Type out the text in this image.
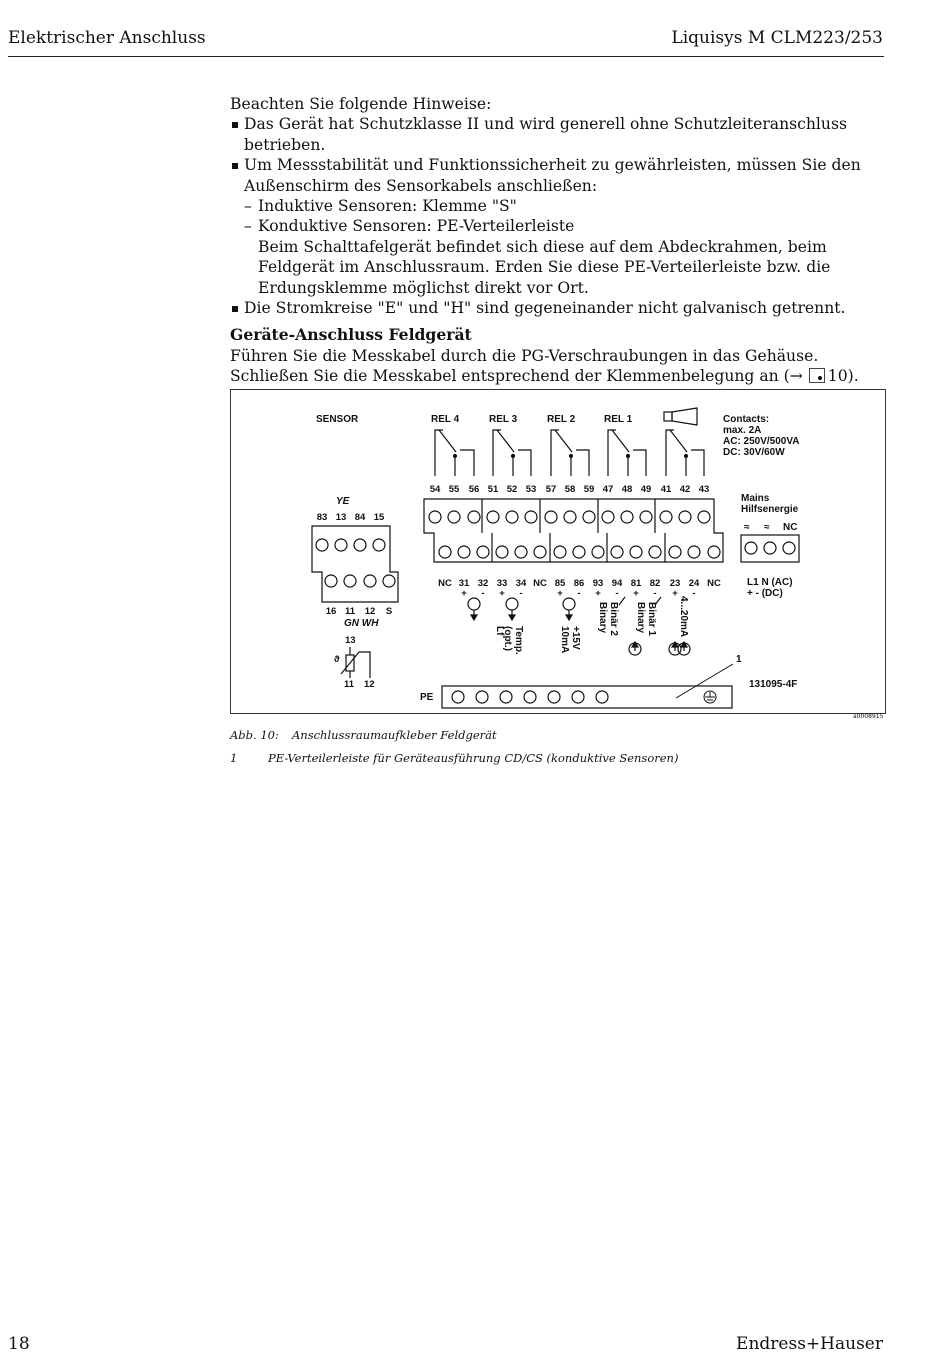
Elektrischer Anschluss	Liquisys M CLM223/253

Beachten Sie folgende Hinweise:

Das Gerät hat Schutzklasse II und wird generell ohne Schutzleiteranschluss betrieben.

Um Messstabilität und Funktionssicherheit zu gewährleisten, müssen Sie den Außenschirm des Sensorkabels anschließen:

– Induktive Sensoren: Klemme "S"

– Konduktive Sensoren: PE-Verteilerleiste

Beim Schalttafelgerät befindet sich diese auf dem Abdeckrahmen, beim Feldgerät im Anschlussraum. Erden Sie diese PE-Verteilerleiste bzw. die Erdungsklemme möglichst direkt vor Ort.

Die Stromkreise "E" und "H" sind gegeneinander nicht galvanisch getrennt.

Geräte-Anschluss Feldgerät

Führen Sie die Messkabel durch die PG-Verschraubungen in das Gehäuse. Schließen Sie die Messkabel entsprechend der Klemmenbelegung an (→
10).

SENSOR	REL 4	REL 3	REL 2	REL 1	Contacts:
max. 2A
AC: 250V/500VA
DC: 30V/60W
54 55 56 51 52 53 57 58 59 47 48 49 41 42 43
NC 31 32 33 34 NC 85 86 93 94 81 82 23 24 NC
+ - + -	+ - + - + - + -
YE
83 13 84 15
16 11 12 S
GN WH
13
ϑ
11 12
Mains
Hilfsenergie
≈ ≈ NC
L1 N (AC)
+ - (DC)
Lf Temp.
(opt.)	+15V
10mA
Binär 2
Binary	Binär 1
Binary	4...20mA
1
131095-4F
PE
a0008915
Abb. 10: Anschlussraumaufkleber Feldgerät
1	PE-Verteilerleiste für Geräteausführung CD/CS (konduktive Sensoren)
18	Endress+Hauser
